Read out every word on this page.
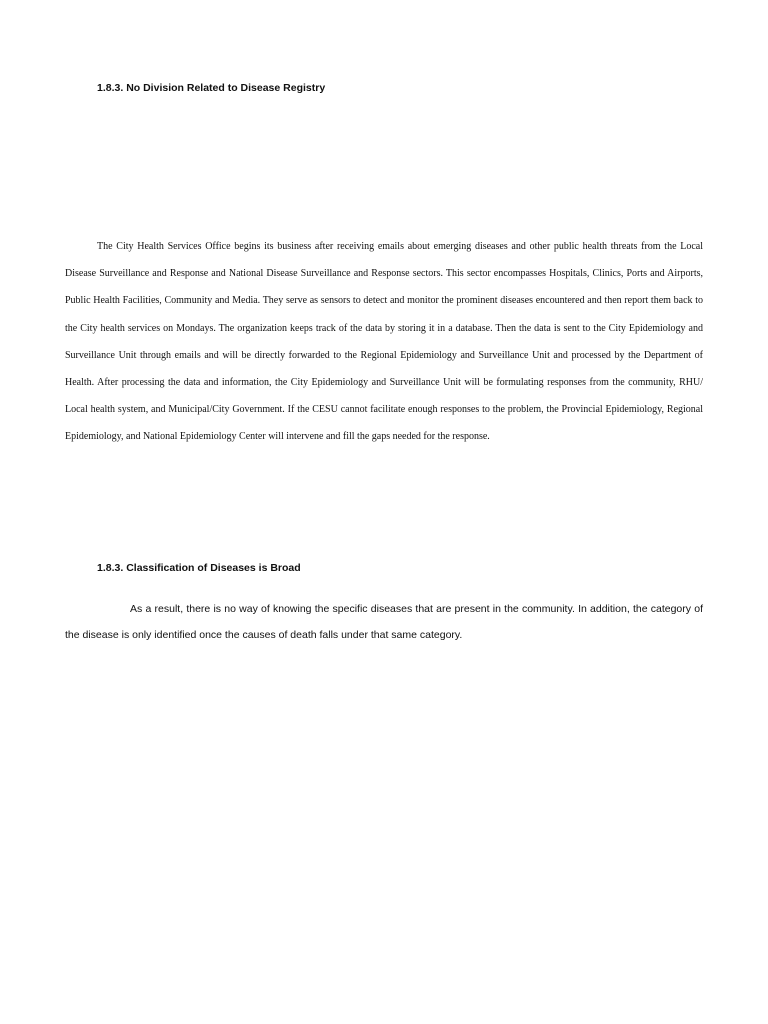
1.8.3. No Division Related to Disease Registry

The City Health Services Office begins its business after receiving emails about emerging diseases and other public health threats from the Local Disease Surveillance and Response and National Disease Surveillance and Response sectors. This sector encompasses Hospitals, Clinics, Ports and Airports, Public Health Facilities, Community and Media. They serve as sensors to detect and monitor the prominent diseases encountered and then report them back to the City health services on Mondays. The organization keeps track of the data by storing it in a database. Then the data is sent to the City Epidemiology and Surveillance Unit through emails and will be directly forwarded to the Regional Epidemiology and Surveillance Unit and processed by the Department of Health. After processing the data and information, the City Epidemiology and Surveillance Unit will be formulating responses from the community, RHU/ Local health system, and Municipal/City Government. If the CESU cannot facilitate enough responses to the problem, the Provincial Epidemiology, Regional Epidemiology, and National Epidemiology Center will intervene and fill the gaps needed for the response.

1.8.3. Classification of Diseases is Broad

As a result, there is no way of knowing the specific diseases that are present in the community. In addition, the category of the disease is only identified once the causes of death falls under that same category.
